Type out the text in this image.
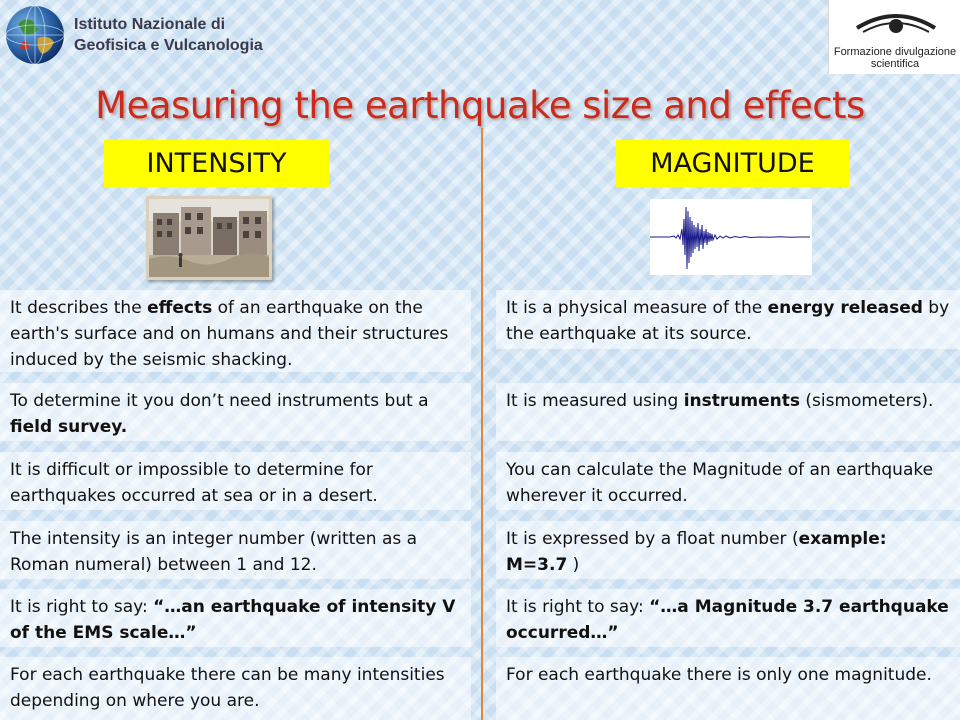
Istituto Nazionale di
Geofisica e Vulcanologia	Formazione divulgazione
scientifica
Measuring the earthquake size and effects
INTENSITY	MAGNITUDE
It describes the effects of an earthquake on the earth's surface and on humans and their structures induced by the seismic shacking.
To determine it you don’t need instruments but a field survey.
It is difficult or impossible to determine for earthquakes occurred at sea or in a desert.
The intensity is an integer number (written as a Roman numeral) between 1 and 12.
It is right to say: “…an earthquake of intensity V of the EMS scale…”
For each earthquake there can be many intensities depending on where you are.
It is a physical measure of the energy released by the earthquake at its source.
It is measured using instruments (sismometers).
You can calculate the Magnitude of an earthquake wherever it occurred.
It is expressed by a float number (example: M=3.7 )
It is right to say: “…a Magnitude 3.7 earthquake occurred…”
For each earthquake there is only one magnitude.
